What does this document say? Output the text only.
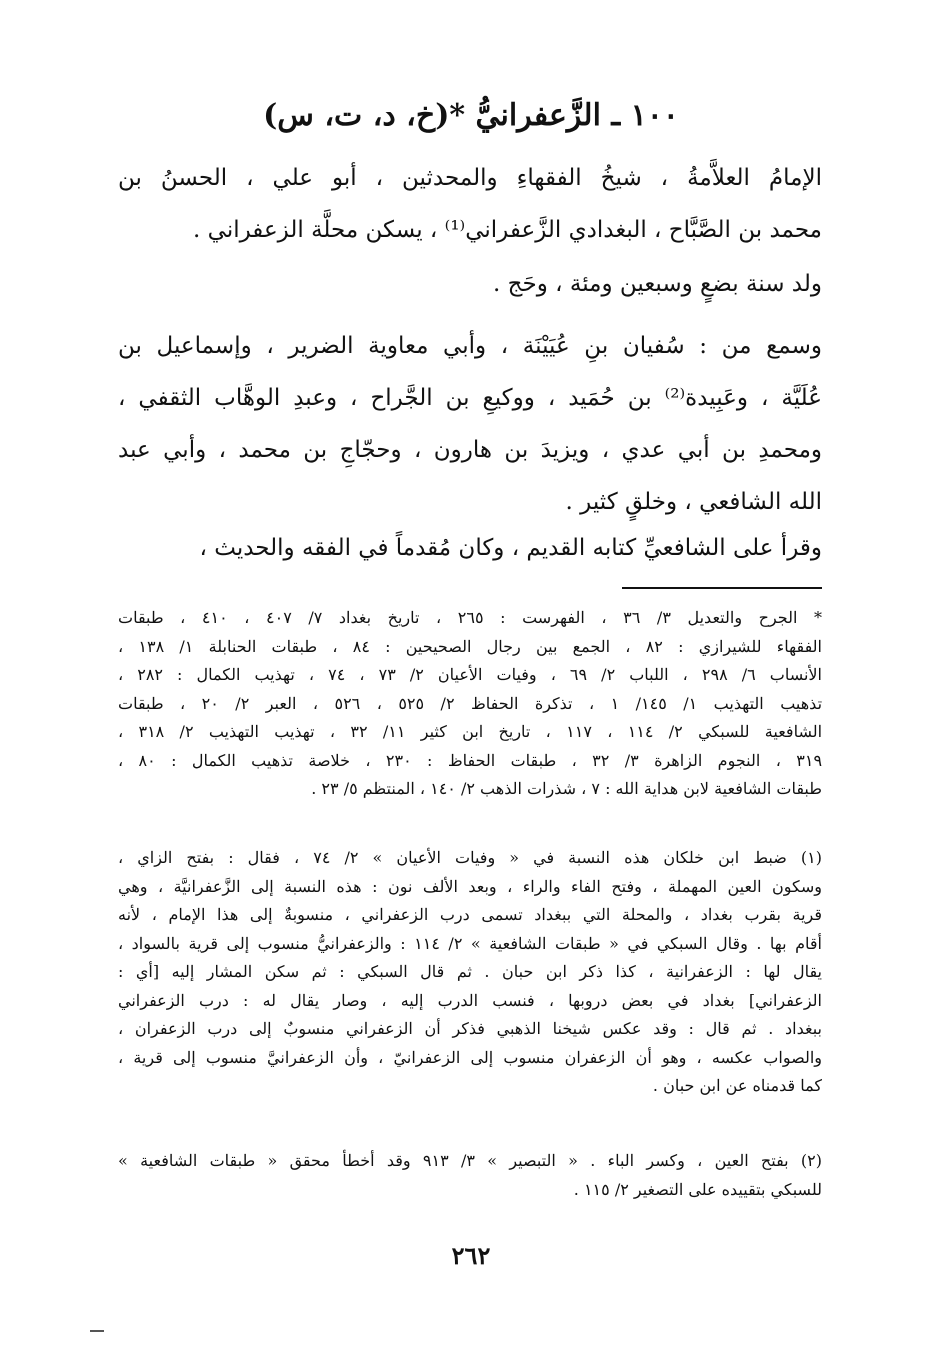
١٠٠ ـ الزَّعفرانيُّ *(خ، د، ت، س)
الإمامُ العلاَّمةُ ، شيخُ الفقهاءِ والمحدثين ، أبو علي ، الحسنُ بن
محمد بن الصَّبَّاح ، البغدادي الزَّعفراني⁽¹⁾ ، يسكن محلَّة الزعفراني .
ولد سنة بضعٍ وسبعين ومئة ، وحَج .
وسمع من : سُفيان بنِ عُيَيْنَة ، وأبي معاوية الضرير ، وإسماعيل بن
عُلَيَّة ، وعَبِيدة⁽²⁾ بن حُمَيد ، ووكيعِ بن الجَّراح ، وعبدِ الوهَّاب الثقفي ،
ومحمدِ بن أبي عدي ، ويزيدَ بن هارون ، وحجّاجِ بن محمد ، وأبي عبد
الله الشافعي ، وخلقٍ كثير .
وقرأ على الشافعيِّ كتابه القديم ، وكان مُقدماً في الفقه والحديث ،
* الجرح والتعديل ٣/ ٣٦ ، الفهرست : ٢٦٥ ، تاريخ بغداد ٧/ ٤٠٧ ، ٤١٠ ، طبقات
الفقهاء للشيرازي : ٨٢ ، الجمع بين رجال الصحيحين : ٨٤ ، طبقات الحنابلة ١/ ١٣٨ ،
الأنساب ٦/ ٢٩٨ ، اللباب ٢/ ٦٩ ، وفيات الأعيان ٢/ ٧٣ ، ٧٤ ، تهذيب الكمال : ٢٨٢ ،
تذهيب التهذيب ١/ ١٤٥/ ١ ، تذكرة الحفاظ ٢/ ٥٢٥ ، ٥٢٦ ، العبر ٢/ ٢٠ ، طبقات
الشافعية للسبكي ٢/ ١١٤ ، ١١٧ ، تاريخ ابن كثير ١١/ ٣٢ ، تهذيب التهذيب ٢/ ٣١٨ ،
٣١٩ ، النجوم الزاهرة ٣/ ٣٢ ، طبقات الحفاظ : ٢٣٠ ، خلاصة تذهيب الكمال : ٨٠ ،
طبقات الشافعية لابن هداية الله : ٧ ، شذرات الذهب ٢/ ١٤٠ ، المنتظم ٥/ ٢٣ .
(١) ضبط ابن خلكان هذه النسبة في « وفيات الأعيان » ٢/ ٧٤ ، فقال : بفتح الزاي ،
وسكون العين المهملة ، وفتح الفاء والراء ، وبعد الألف نون : هذه النسبة إلى الزَّعفرانيَّة ، وهي
قرية بقرب بغداد ، والمحلة التي ببغداد تسمى درب الزعفراني ، منسوبةٌ إلى هذا الإمام ، لأنه
أقام بها . وقال السبكي في « طبقات الشافعية » ٢/ ١١٤ : والزعفرانيُّ منسوب إلى قرية بالسواد ،
يقال لها : الزعفرانية ، كذا ذكر ابن حبان . ثم قال السبكي : ثم سكن المشار إليه [أي :
الزعفراني] بغداد في بعض دروبها ، فنسب الدرب إليه ، وصار يقال له : درب الزعفراني
ببغداد . ثم قال : وقد عكس شيخنا الذهبي فذكر أن الزعفراني منسوبٌ إلى درب الزعفران ،
والصواب عكسه ، وهو أن الزعفران منسوب إلى الزعفرانيّ ، وأن الزعفرانيَّ منسوب إلى قرية ،
كما قدمناه عن ابن حبان .
(٢) بفتح العين ، وكسر الباء . « التبصير » ٣/ ٩١٣ وقد أخطأ محقق « طبقات الشافعية »
للسبكي بتقييده على التصغير ٢/ ١١٥ .
٢٦٢
